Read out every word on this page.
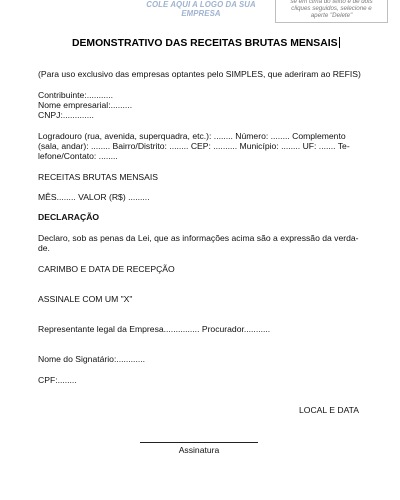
COLE AQUI A LOGO DA SUA EMPRESA
se em cima do texto e dê dois
cliques seguidos, selecione e
aperte "Delete"
DEMONSTRATIVO DAS RECEITAS BRUTAS MENSAIS
(Para uso exclusivo das empresas optantes pelo SIMPLES, que aderiram ao REFIS)
Contribuinte:...........
Nome empresarial:.........
CNPJ:.............
Logradouro (rua, avenida, superquadra, etc.): ........ Número: ........ Complemento
(sala, andar): ........ Bairro/Distrito: ........ CEP: .......... Município: ........ UF: ....... Te-
lefone/Contato: ........
RECEITAS BRUTAS MENSAIS
MÊS........ VALOR (R$) .........
DECLARAÇÃO
Declaro, sob as penas da Lei, que as informações acima são a expressão da verda-
de.
CARIMBO E DATA DE RECEPÇÃO
ASSINALE COM UM "X"
Representante legal da Empresa............... Procurador...........
Nome do Signatário:............
CPF:........
LOCAL E DATA
Assinatura
